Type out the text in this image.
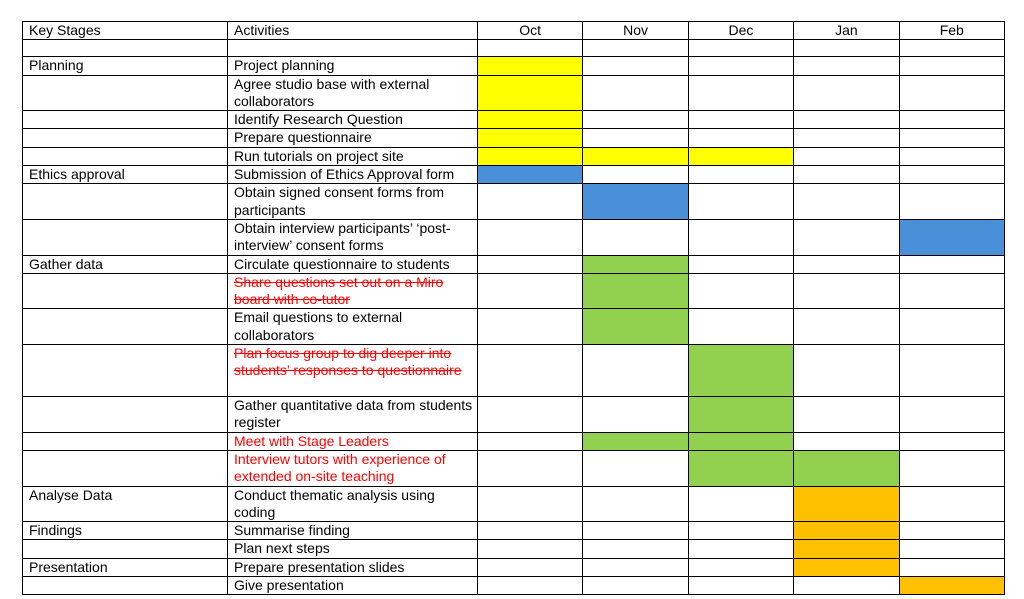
Key Stages	Activities	Oct	Nov	Dec	Jan	Feb

Planning	Project planning					
	Agree studio base with external collaborators					
	Identify Research Question					
	Prepare questionnaire					
	Run tutorials on project site					
Ethics approval	Submission of Ethics Approval form					
	Obtain signed consent forms from participants					
	Obtain interview participants’ ‘post-interview’ consent forms					
Gather data	Circulate questionnaire to students					
	Share questions set out on a Miro board with co-tutor					
	Email questions to external collaborators					
	Plan focus group to dig deeper into students’ responses to questionnaire					
	Gather quantitative data from students register					
	Meet with Stage Leaders					
	Interview tutors with experience of extended on-site teaching					
Analyse Data	Conduct thematic analysis using coding					
Findings	Summarise finding					
	Plan next steps					
Presentation	Prepare presentation slides					
	Give presentation					
